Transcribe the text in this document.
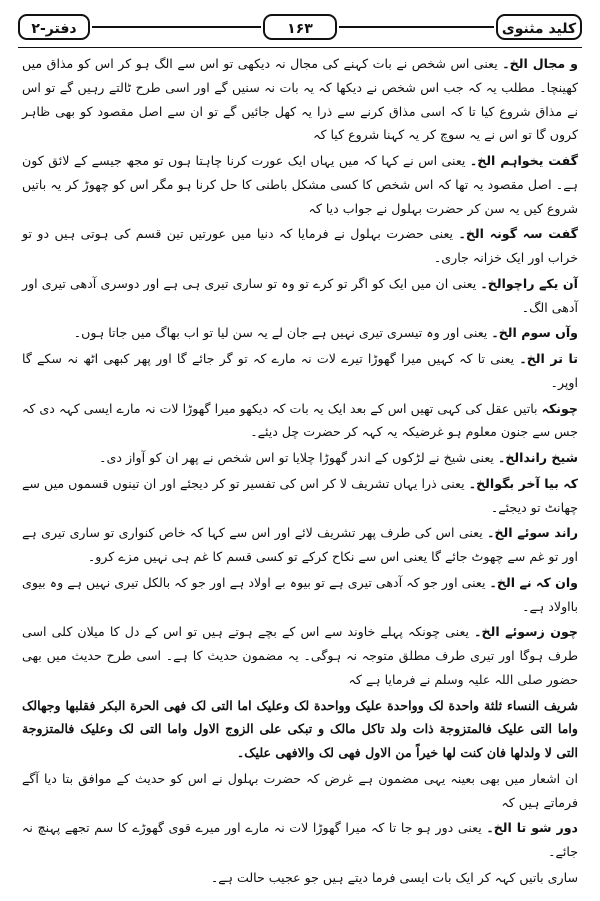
دفتر-۲	۱۶۳	کلید مثنوی

و مجال الخ۔ یعنی اس شخص نے بات کہنے کی مجال نہ دیکھی تو اس سے الگ ہو کر اس کو مذاق میں کھینچا۔ مطلب یہ کہ جب اس شخص نے دیکھا کہ یہ بات نہ سنیں گے اور اسی طرح ٹالتے رہیں گے تو اس نے مذاق شروع کیا تا کہ اسی مذاق کرنے سے ذرا یہ کھل جائیں گے تو ان سے اصل مقصود کو بھی ظاہر کروں گا تو اس نے یہ سوچ کر یہ کہنا شروع کیا کہ

گفت یخواہم الخ۔ یعنی اس نے کہا کہ میں یہاں ایک عورت کرنا چاہتا ہوں تو مجھ جیسے کے لائق کون ہے۔ اصل مقصود یہ تھا کہ اس شخص کا کسی مشکل باطنی کا حل کرنا ہو مگر اس کو چھوڑ کر یہ باتیں شروع کیں یہ سن کر حضرت بہلول نے جواب دیا کہ

گفت سہ گونہ الخ۔ یعنی حضرت بہلول نے فرمایا کہ دنیا میں عورتیں تین قسم کی ہوتی ہیں دو تو خراب اور ایک خزانہ جاری۔

آن یکے راچوالخ۔ یعنی ان میں ایک کو اگر تو کرے تو وہ تو ساری تیری ہی ہے اور دوسری آدھی تیری اور آدھی الگ۔

وآں سوم الخ۔ یعنی اور وہ تیسری تیری نہیں ہے جان لے یہ سن لیا تو اب بھاگ میں جاتا ہوں۔

تا تر الخ۔ یعنی تا کہ کہیں میرا گھوڑا تیرے لات نہ مارے کہ تو گر جائے گا اور پھر کبھی اٹھ نہ سکے گا اوپر۔

چونکہ باتیں عقل کی کہی تھیں اس کے بعد ایک یہ بات کہ دیکھو میرا گھوڑا لات نہ مارے ایسی کہہ دی کہ جس سے جنون معلوم ہو غرضیکہ یہ کہہ کر حضرت چل دیئے۔

شیخ راندالخ۔ یعنی شیخ نے لڑکوں کے اندر گھوڑا چلایا تو اس شخص نے پھر ان کو آواز دی۔

کہ بیا آخر بگوالخ۔ یعنی ذرا یہاں تشریف لا کر اس کی تفسیر تو کر دیجئے اور ان تینوں قسموں میں سے چھانٹ تو دیجئے۔

راند سوئے الخ۔ یعنی اس کی طرف پھر تشریف لائے اور اس سے کہا کہ خاص کنواری تو ساری تیری ہے اور تو غم سے چھوٹ جائے گا یعنی اس سے نکاح کرکے تو کسی قسم کا غم ہی نہیں مزے کرو۔

وان کہ نے الخ۔ یعنی اور جو کہ آدھی تیری ہے تو بیوہ بے اولاد ہے اور جو کہ بالکل تیری نہیں ہے وہ بیوی بااولاد ہے۔

چون زسوئے الخ۔ یعنی چونکہ پہلے خاوند سے اس کے بچے ہوتے ہیں تو اس کے دل کا میلان کلی اسی طرف ہوگا اور تیری طرف مطلق متوجہ نہ ہوگی۔ یہ مضمون حدیث کا ہے۔ اسی طرح حدیث میں بھی حضور صلی اللہ علیہ وسلم نے فرمایا ہے کہ

شریف النساء ثلثة واحدة لک وواحدة علیک وواحدة لک وعلیک اما التی لک فھی الحرة البکر فقلبھا وجھالک واما التی علیک فالمتزوجة ذات ولد تاکل مالک و تبکی علی الزوج الاول واما التی لک وعلیک فالمتزوجة التی لا ولدلھا فان کنت لھا خیراً من الاول فھی لک والافھی علیک۔

ان اشعار میں بھی بعینہ یہی مضمون ہے غرض کہ حضرت بہلول نے اس کو حدیث کے موافق بتا دیا آگے فرماتے ہیں کہ

دور شو تا الخ۔ یعنی دور ہو جا تا کہ میرا گھوڑا لات نہ مارے اور میرے قوی گھوڑے کا سم تجھے پہنچ نہ جائے۔

ساری باتیں کہہ کر ایک بات ایسی فرما دیتے ہیں جو عجیب حالت ہے۔
